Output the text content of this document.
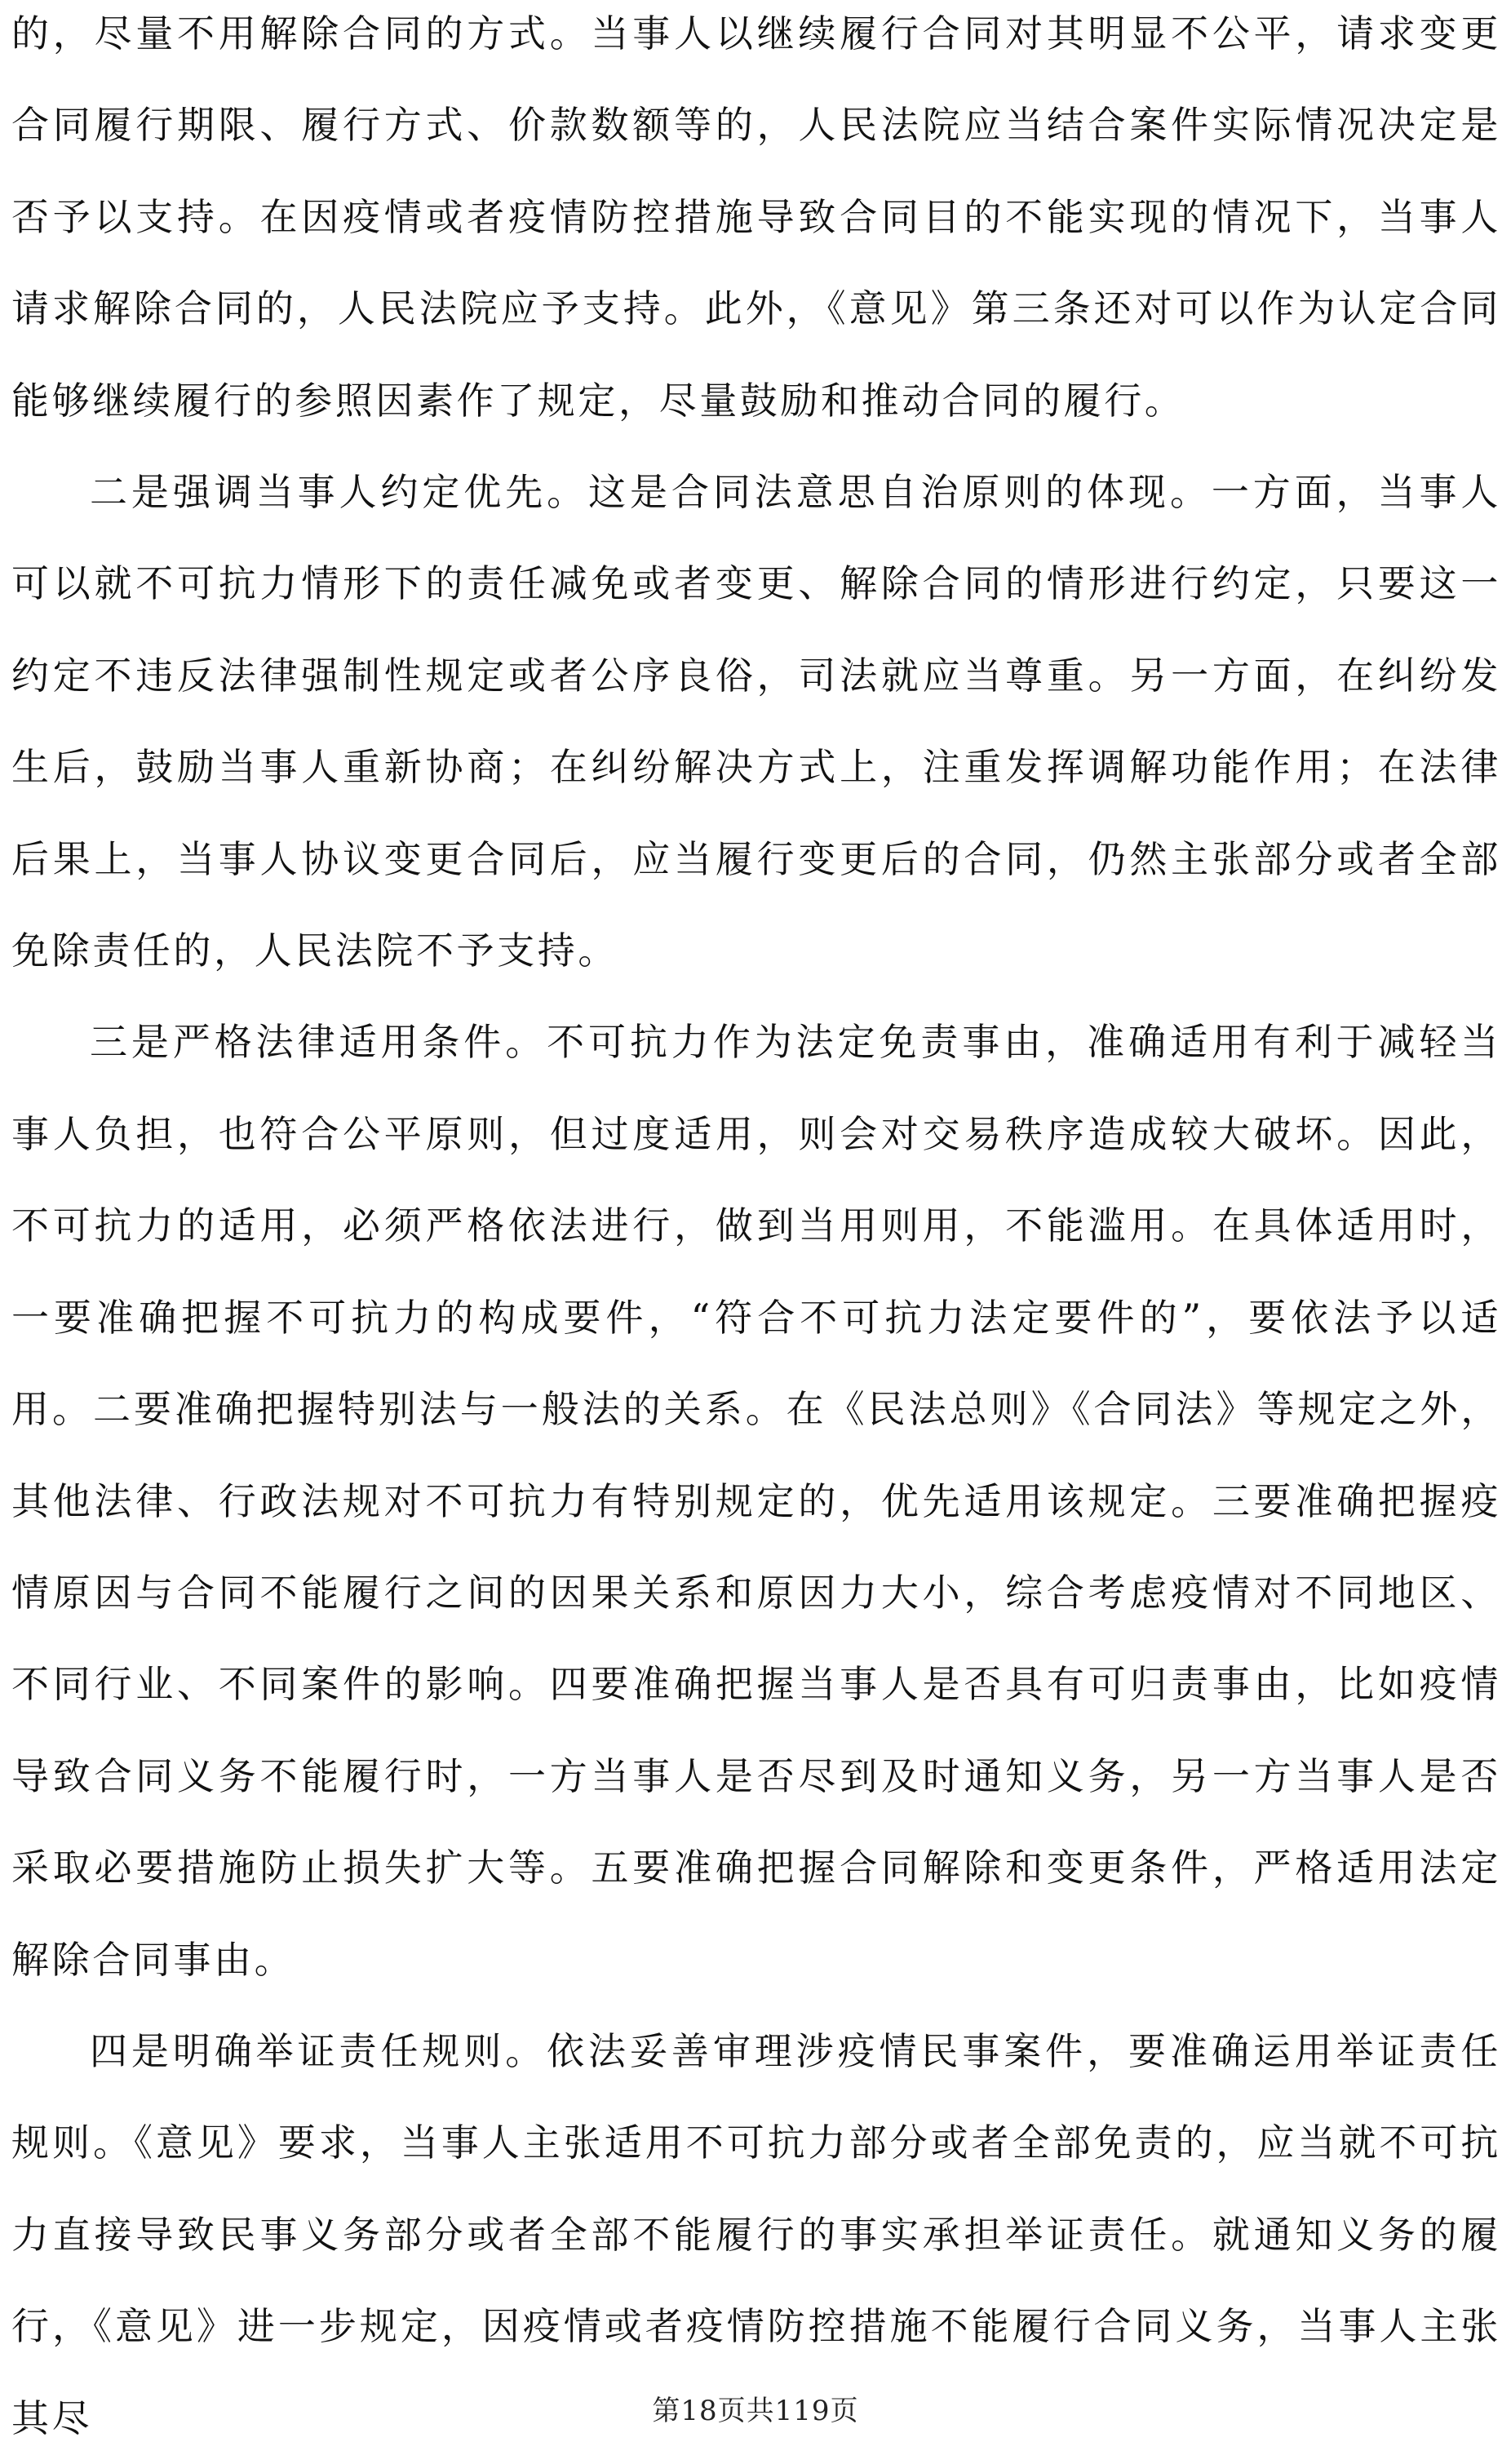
的，尽量不用解除合同的方式。当事人以继续履行合同对其明显不公平，请求变更合同履行期限、履行方式、价款数额等的，人民法院应当结合案件实际情况决定是否予以支持。在因疫情或者疫情防控措施导致合同目的不能实现的情况下，当事人请求解除合同的，人民法院应予支持。此外，《意见》第三条还对可以作为认定合同能够继续履行的参照因素作了规定，尽量鼓励和推动合同的履行。

二是强调当事人约定优先。这是合同法意思自治原则的体现。一方面，当事人可以就不可抗力情形下的责任减免或者变更、解除合同的情形进行约定，只要这一约定不违反法律强制性规定或者公序良俗，司法就应当尊重。另一方面，在纠纷发生后，鼓励当事人重新协商；在纠纷解决方式上，注重发挥调解功能作用；在法律后果上，当事人协议变更合同后，应当履行变更后的合同，仍然主张部分或者全部免除责任的，人民法院不予支持。

三是严格法律适用条件。不可抗力作为法定免责事由，准确适用有利于减轻当事人负担，也符合公平原则，但过度适用，则会对交易秩序造成较大破坏。因此，不可抗力的适用，必须严格依法进行，做到当用则用，不能滥用。在具体适用时，一要准确把握不可抗力的构成要件，“符合不可抗力法定要件的”，要依法予以适用。二要准确把握特别法与一般法的关系。在《民法总则》《合同法》等规定之外，其他法律、行政法规对不可抗力有特别规定的，优先适用该规定。三要准确把握疫情原因与合同不能履行之间的因果关系和原因力大小，综合考虑疫情对不同地区、不同行业、不同案件的影响。四要准确把握当事人是否具有可归责事由，比如疫情导致合同义务不能履行时，一方当事人是否尽到及时通知义务，另一方当事人是否采取必要措施防止损失扩大等。五要准确把握合同解除和变更条件，严格适用法定解除合同事由。

四是明确举证责任规则。依法妥善审理涉疫情民事案件，要准确运用举证责任规则。《意见》要求，当事人主张适用不可抗力部分或者全部免责的，应当就不可抗力直接导致民事义务部分或者全部不能履行的事实承担举证责任。就通知义务的履行，《意见》进一步规定，因疫情或者疫情防控措施不能履行合同义务，当事人主张其尽	第18页共119页
